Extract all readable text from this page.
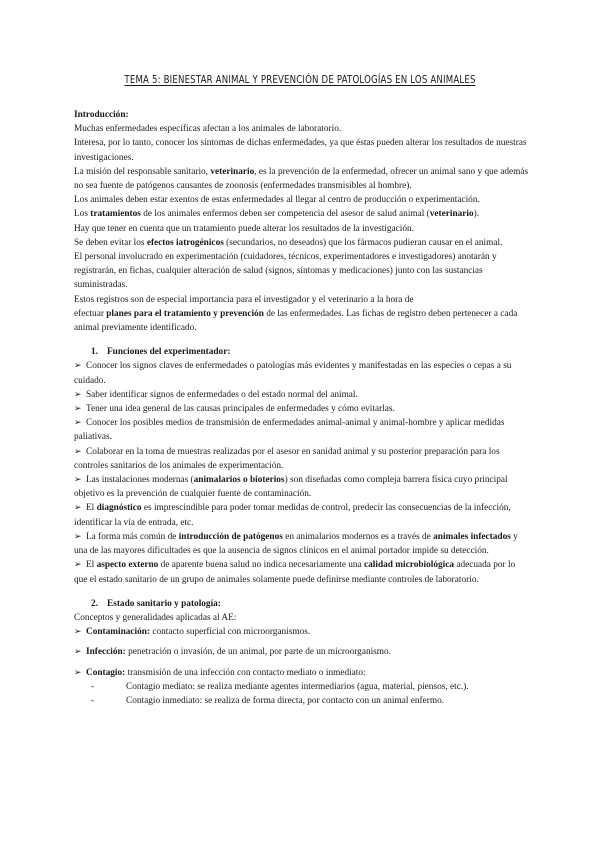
TEMA 5: BIENESTAR ANIMAL Y PREVENCIÓN DE PATOLOGÍAS EN LOS ANIMALES

Introducción:

Muchas enfermedades específicas afectan a los animales de laboratorio.

Interesa, por lo tanto, conocer los síntomas de dichas enfermedades, ya que éstas pueden alterar los resultados de nuestras investigaciones.

La misión del responsable sanitario, veterinario, es la prevención de la enfermedad, ofrecer un animal sano y que además no sea fuente de patógenos causantes de zoonosis (enfermedades transmisibles al hombre).

Los animales deben estar exentos de estas enfermedades al llegar al centro de producción o experimentación.

Los tratamientos de los animales enfermos deben ser competencia del asesor de salud animal (veterinario).

Hay que tener en cuenta que un tratamiento puede alterar los resultados de la investigación.

Se deben evitar los efectos iatrogénicos (secundarios, no deseados) que los fármacos pudieran causar en el animal.

El personal involucrado en experimentación (cuidadores, técnicos, experimentadores e investigadores) anotarán y registrarán, en fichas, cualquier alteración de salud (signos, síntomas y medicaciones) junto con las sustancias suministradas.

Estos registros son de especial importancia para el investigador y el veterinario a la hora de

efectuar planes para el tratamiento y prevención de las enfermedades. Las fichas de registro deben pertenecer a cada animal previamente identificado.

1. Funciones del experimentador:

➢ Conocer los signos claves de enfermedades o patologías más evidentes y manifestadas en las especies o cepas a su cuidado.

➢ Saber identificar signos de enfermedades o del estado normal del animal.

➢ Tener una idea general de las causas principales de enfermedades y cómo evitarlas.

➢ Conocer los posibles medios de transmisión de enfermedades animal-animal y animal-hombre y aplicar medidas paliativas.

➢ Colaborar en la toma de muestras realizadas por el asesor en sanidad animal y su posterior preparación para los controles sanitarios de los animales de experimentación.

➢ Las instalaciones modernas (animalarios o bioterios) son diseñadas como compleja barrera física cuyo principal objetivo es la prevención de cualquier fuente de contaminación.

➢ El diagnóstico es imprescindible para poder tomar medidas de control, predecir las consecuencias de la infección, identificar la vía de entrada, etc.

➢ La forma más común de introducción de patógenos en animalarios modernos es a través de animales infectados y una de las mayores dificultades es que la ausencia de signos clínicos en el animal portador impide su detección.

➢ El aspecto externo de aparente buena salud no indica necesariamente una calidad microbiológica adecuada por lo que el estado sanitario de un grupo de animales solamente puede definirse mediante controles de laboratorio.

2. Estado sanitario y patología:

Conceptos y generalidades aplicadas al AE:

➢ Contaminación: contacto superficial con microorganismos.

➢ Infección: penetración o invasión, de un animal, por parte de un microorganismo.

➢ Contagio: transmisión de una infección con contacto mediato o inmediato:

-	Contagio mediato: se realiza mediante agentes intermediarios (agua, material, piensos, etc.).

-	Contagio inmediato: se realiza de forma directa, por contacto con un animal enfermo.
